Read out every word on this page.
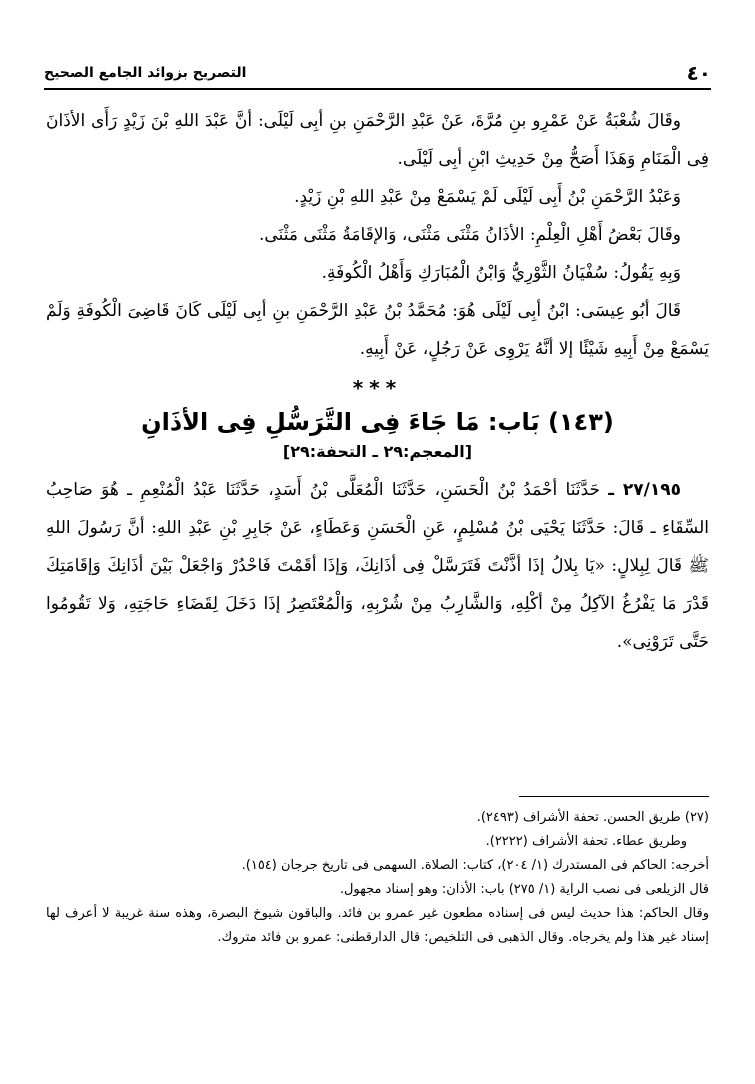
٤٠
التصريح بزوائد الجامع الصحيح

وقَالَ شُعْبَةُ عَنْ عَمْرِو بنِ مُرَّةَ، عَنْ عَبْدِ الرَّحْمَنِ بنِ أبِى لَيْلَى: أنَّ عَبْدَ اللهِ بْنَ زَيْدٍ رَأَى الأذَانَ فِى الْمَنَامِ وَهَذَا أَصَحُّ مِنْ حَدِيثِ ابْنِ أبِى لَيْلَى.

وَعَبْدُ الرَّحْمَنِ بْنُ أَبِى لَيْلَى لَمْ يَسْمَعْ مِنْ عَبْدِ اللهِ بْنِ زَيْدٍ.

وقَالَ بَعْضُ أَهْلِ الْعِلْمِ: الأذَانُ مَثْنَى مَثْنَى، وَالإقَامَةُ مَثْنَى مَثْنَى.

وَبِهِ يَقُولُ: سُفْيَانُ الثَّوْرِيُّ وَابْنُ الْمُبَارَكِ وَأَهْلُ الْكُوفَةِ.

قَالَ أبُو عِيسَى: ابْنُ أبِى لَيْلَى هُوَ: مُحَمَّدُ بْنُ عَبْدِ الرَّحْمَنِ بنِ أبِى لَيْلَى كَانَ قَاضِىَ الْكُوفَةِ وَلَمْ يَسْمَعْ مِنْ أَبِيهِ شَيْئًا إلا أنَّهُ يَرْوِى عَنْ رَجُلٍ، عَنْ أَبِيهِ.

***
(١٤٣) بَاب: مَا جَاءَ فِى التَّرَسُّلِ فِى الأذَانِ
[المعجم:٢٩ ـ التحفة:٢٩]

٢٧/١٩٥ ـ حَدَّثَنَا أحْمَدُ بْنُ الْحَسَنِ، حَدَّثَنَا الْمُعَلَّى بْنُ أَسَدٍ، حَدَّثَنَا عَبْدُ الْمُنْعِمِ ـ هُوَ صَاحِبُ السِّقَاءِ ـ قَالَ: حَدَّثَنَا يَحْيَى بْنُ مُسْلِمٍ، عَنِ الْحَسَنِ وَعَطَاءٍ، عَنْ جَابِرِ بْنِ عَبْدِ اللهِ: أنَّ رَسُولَ اللهِ ﷺ قَالَ لِبِلالٍ: «يَا بِلالُ إذَا أذَّنْتَ فَتَرَسَّلْ فِى أذَانِكَ، وَإذَا أقَمْتَ فَاحْدُرْ وَاجْعَلْ بَيْنَ أذَانِكَ وَإقَامَتِكَ قَدْرَ مَا يَفْرُغُ الآكِلُ مِنْ أكْلِهِ، وَالشَّارِبُ مِنْ شُرْبِهِ، وَالْمُعْتَصِرُ إذَا دَخَلَ لِقَضَاءِ حَاجَتِهِ، وَلا تَقُومُوا حَتَّى تَرَوْنِى».

(٢٧) طريق الحسن. تحفة الأشراف (٢٤٩٣).

وطريق عطاء. تحفة الأشراف (٢٢٢٢).

أخرجه: الحاكم فى المستدرك (١/ ٢٠٤)، كتاب: الصلاة. السهمى فى تاريخ جرجان (١٥٤).

قال الزيلعى فى نصب الراية (١/ ٢٧٥) باب: الأذان: وهو إسناد مجهول.

وقال الحاكم: هذا حديث ليس فى إسناده مطعون غير عمرو بن فائد. والباقون شيوخ البصرة، وهذه سنة غريبة لا أعرف لها إسناد غير هذا ولم يخرجاه. وقال الذهبى فى التلخيص: قال الدارقطنى: عمرو بن فائد متروك.
